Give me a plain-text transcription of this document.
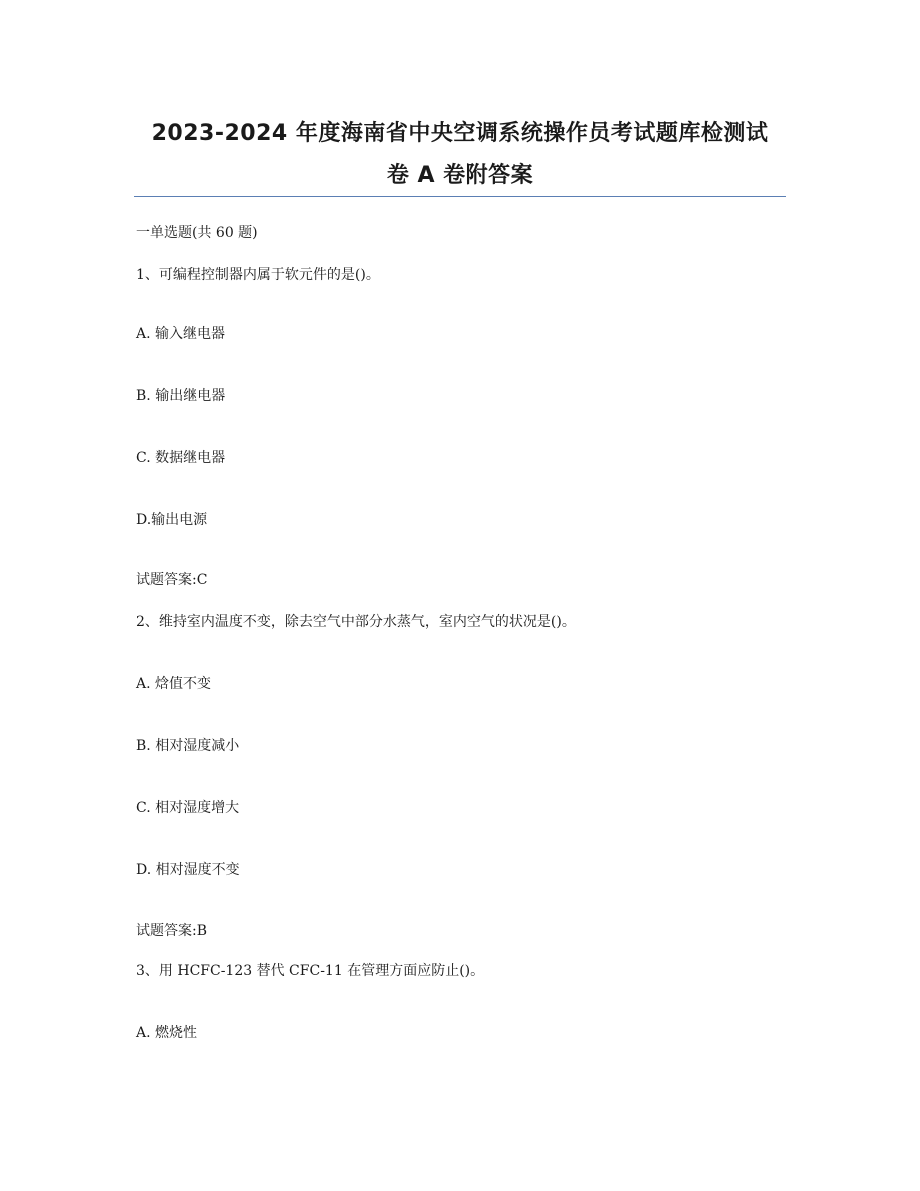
2023-2024 年度海南省中央空调系统操作员考试题库检测试
卷 A 卷附答案
一单选题(共 60 题)
1、可编程控制器内属于软元件的是()。
A. 输入继电器
B. 输出继电器
C. 数据继电器
D.输出电源
试题答案:C
2、维持室内温度不变，除去空气中部分水蒸气，室内空气的状况是()。
A. 焓值不变
B. 相对湿度减小
C. 相对湿度增大
D. 相对湿度不变
试题答案:B
3、用 HCFC-123 替代 CFC-11 在管理方面应防止()。
A. 燃烧性
